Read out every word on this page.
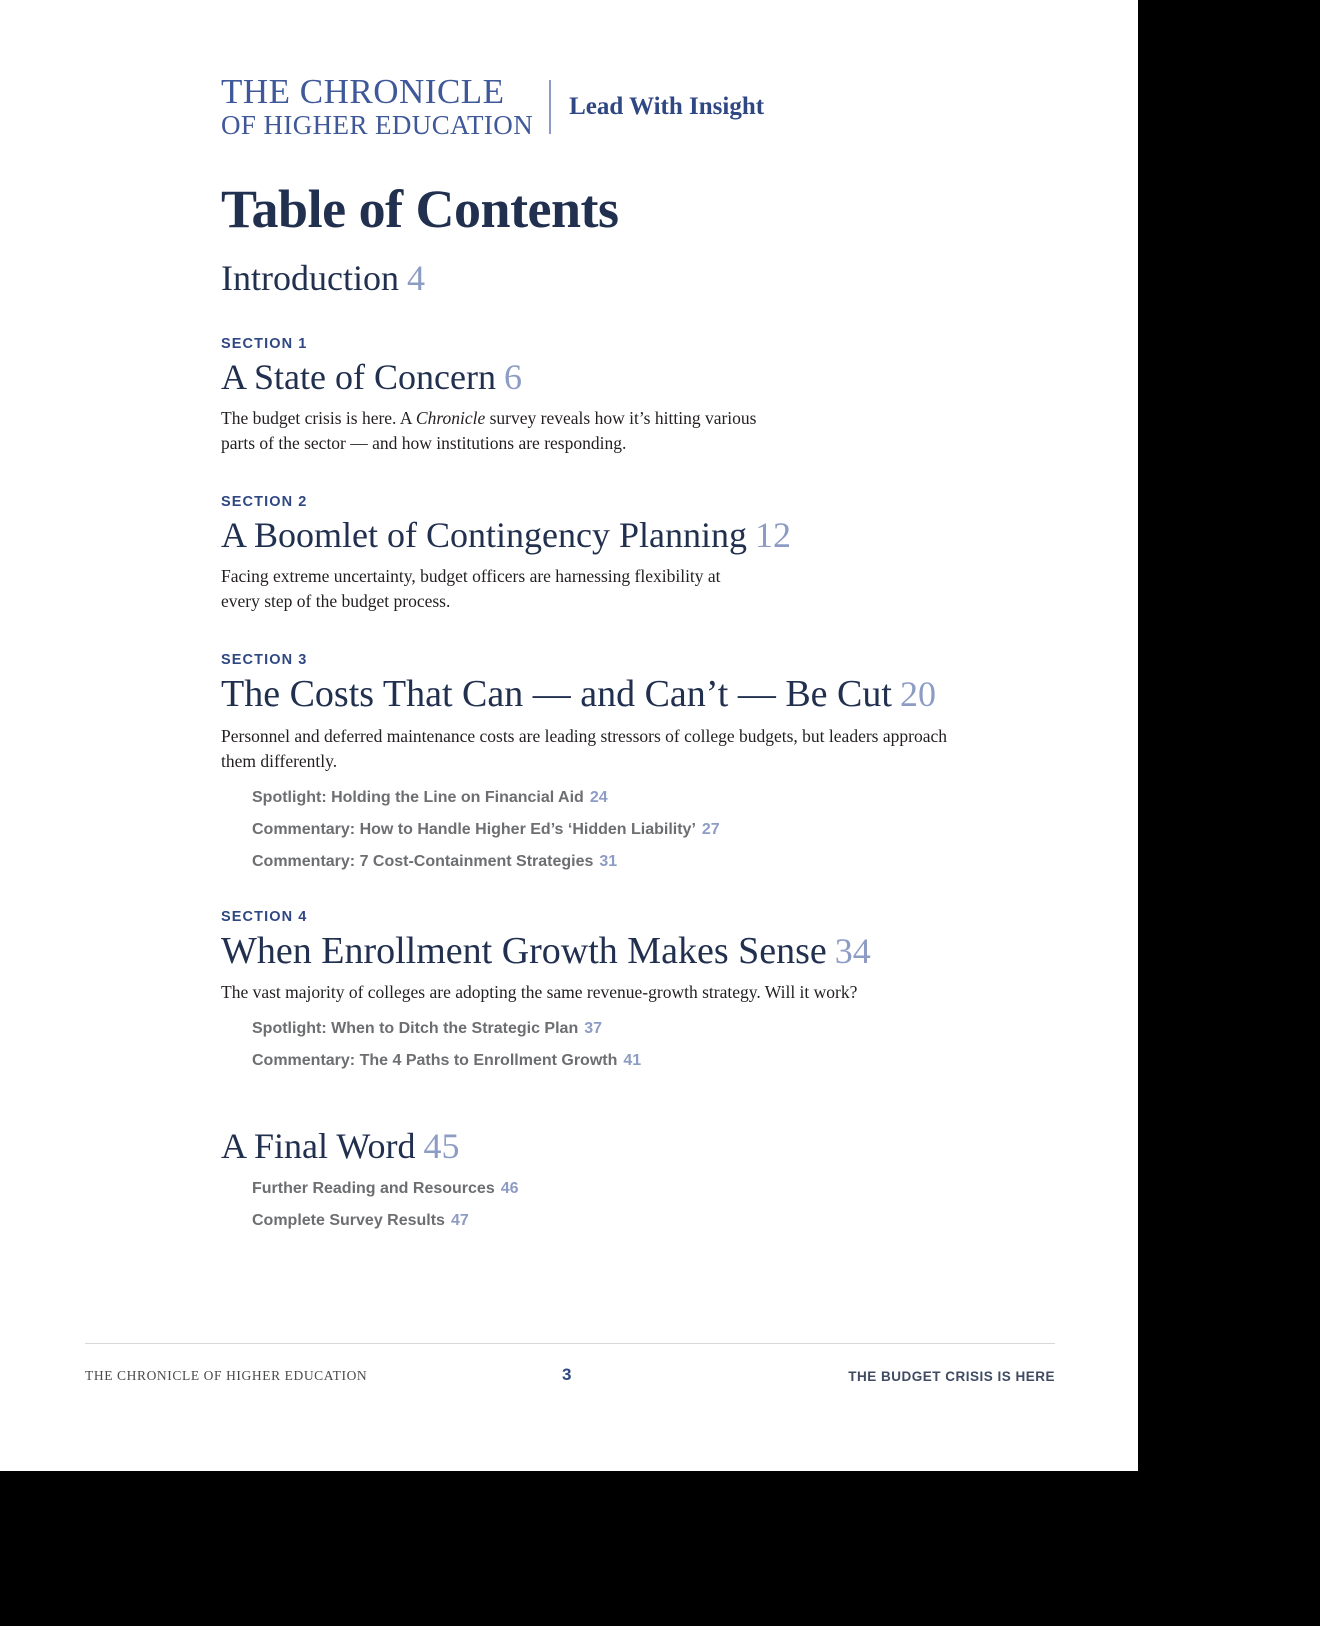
THE CHRONICLE
OF HIGHER EDUCATION
Lead With Insight
Table of Contents
Introduction 4
SECTION 1
A State of Concern 6
The budget crisis is here. A Chronicle survey reveals how it’s hitting various parts of the sector — and how institutions are responding.
SECTION 2
A Boomlet of Contingency Planning 12
Facing extreme uncertainty, budget officers are harnessing flexibility at every step of the budget process.
SECTION 3
The Costs That Can — and Can’t — Be Cut 20
Personnel and deferred maintenance costs are leading stressors of college budgets, but leaders approach them differently.
Spotlight: Holding the Line on Financial Aid 24
Commentary: How to Handle Higher Ed’s ‘Hidden Liability’ 27
Commentary: 7 Cost-Containment Strategies 31
SECTION 4
When Enrollment Growth Makes Sense 34
The vast majority of colleges are adopting the same revenue-growth strategy. Will it work?
Spotlight: When to Ditch the Strategic Plan 37
Commentary: The 4 Paths to Enrollment Growth 41
A Final Word 45
Further Reading and Resources 46
Complete Survey Results 47
THE CHRONICLE OF HIGHER EDUCATION	3	THE BUDGET CRISIS IS HERE
